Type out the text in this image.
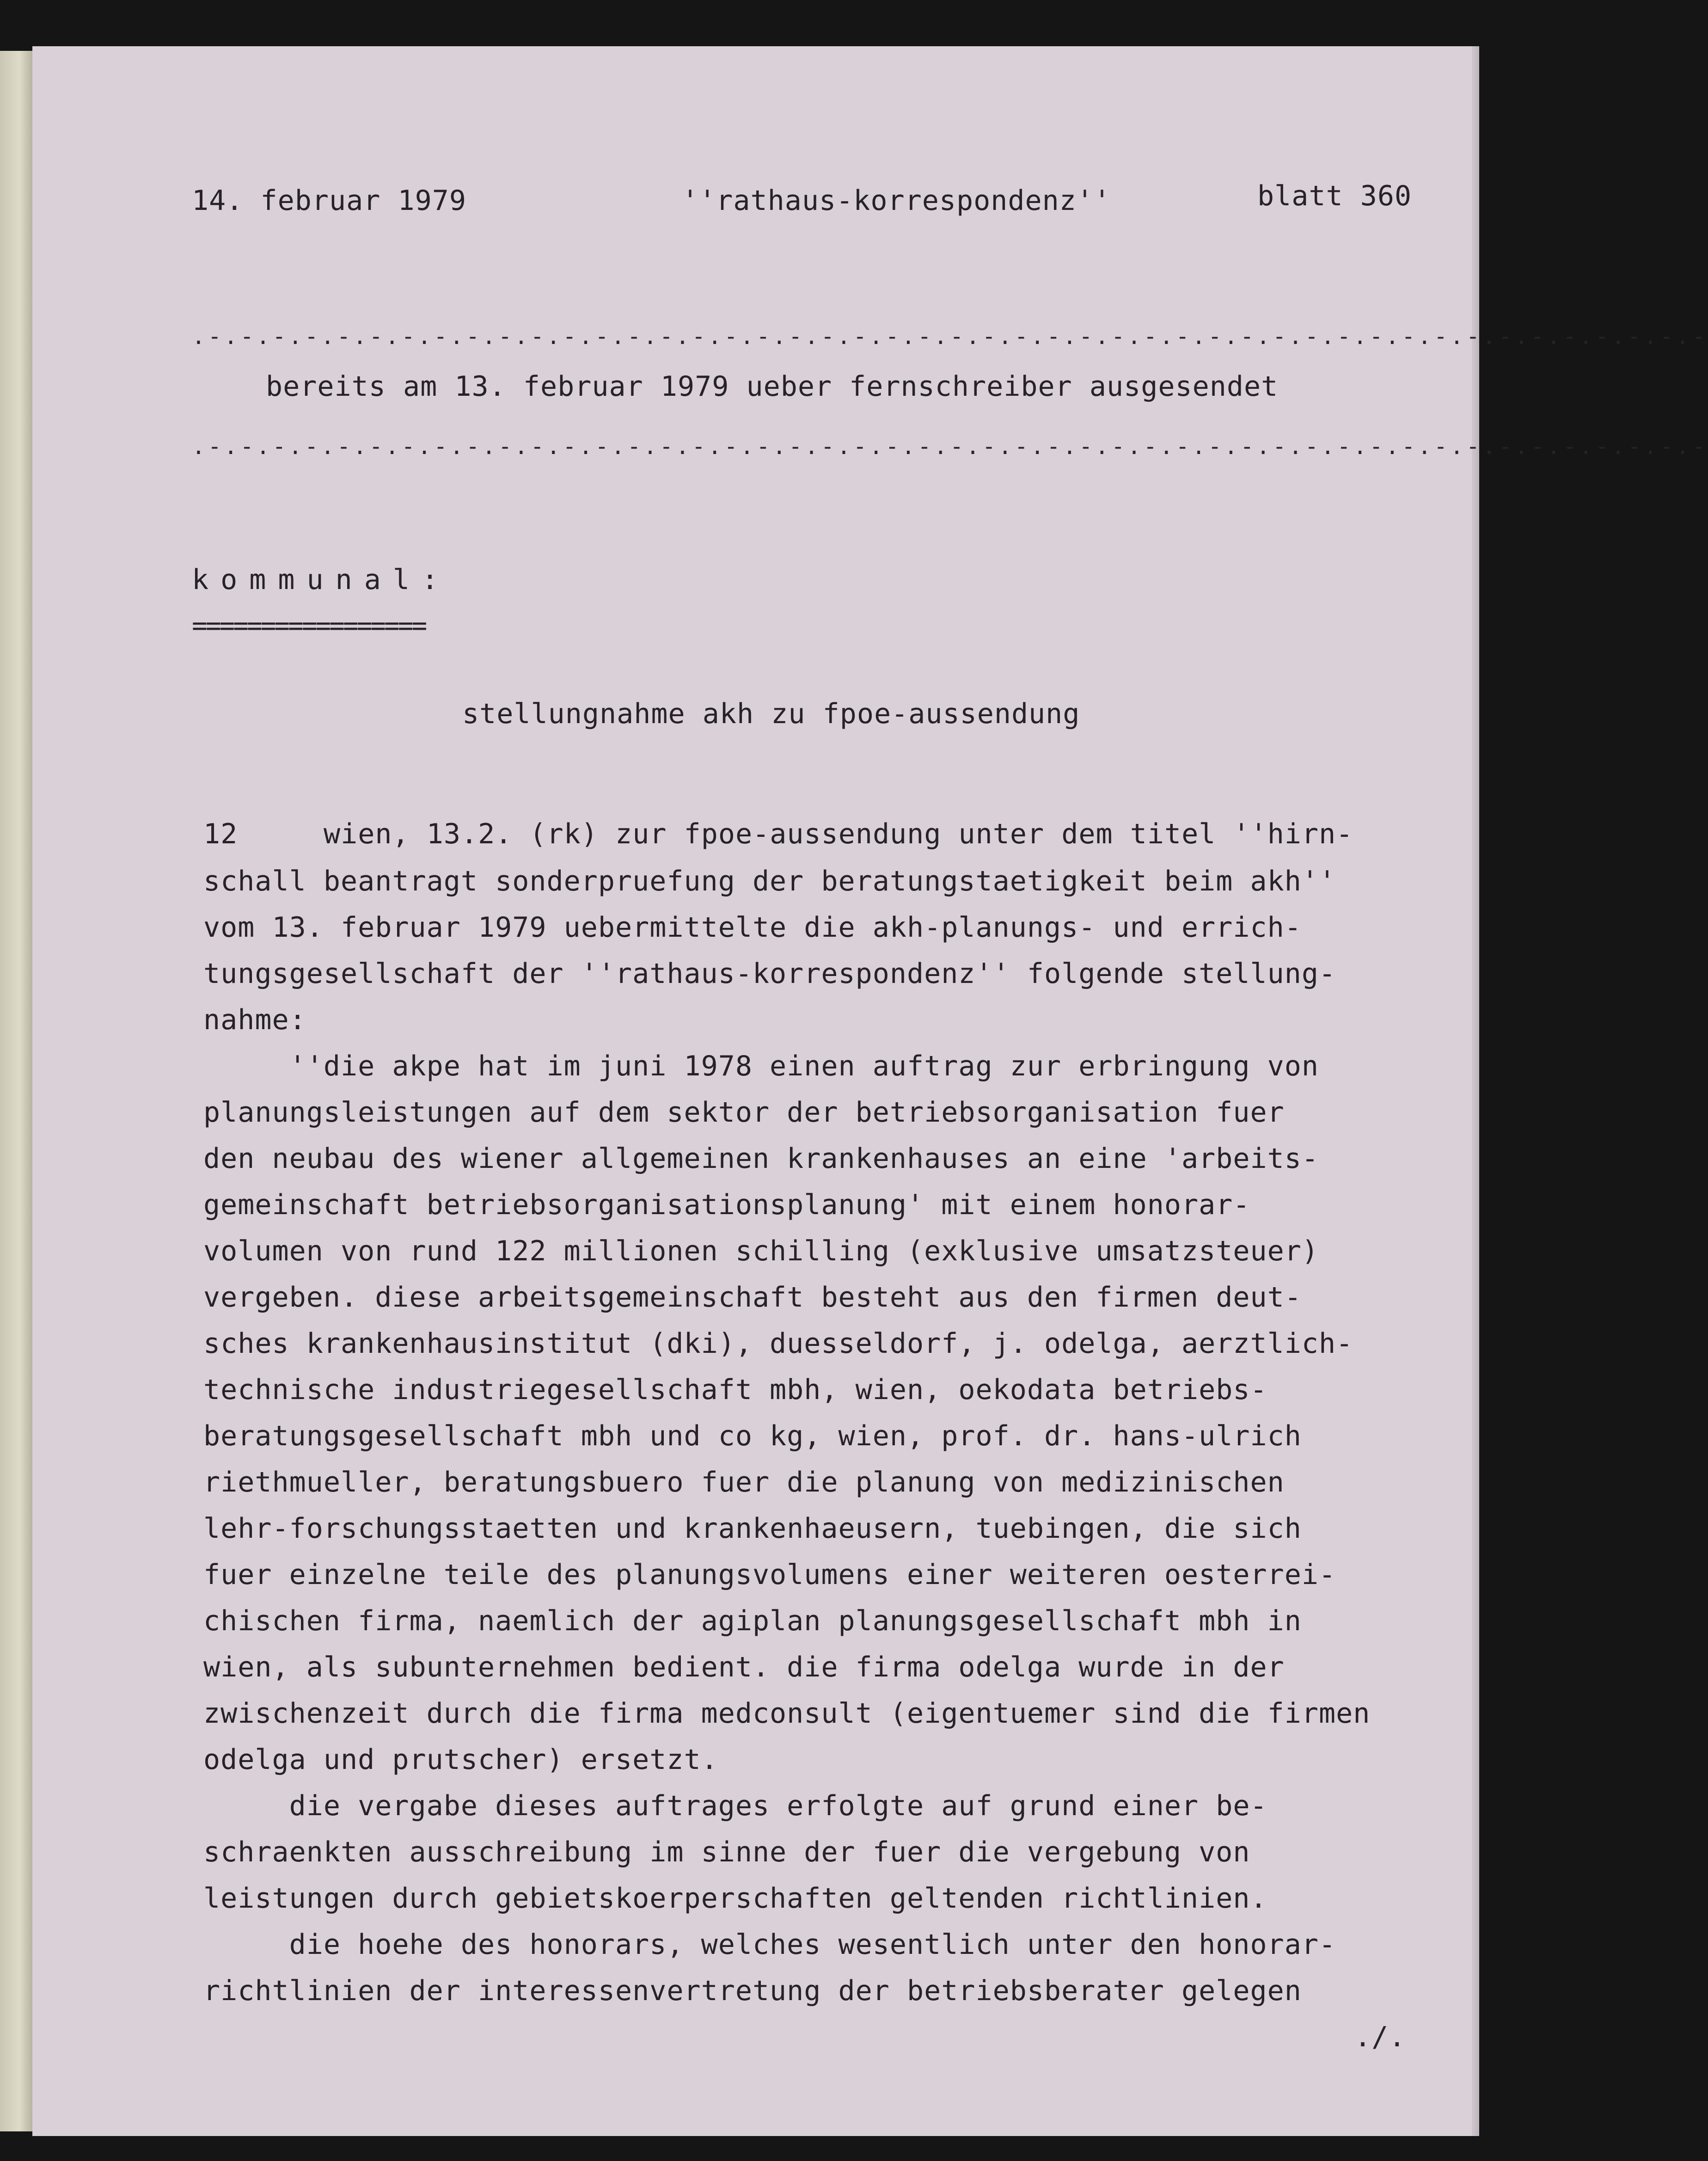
14. februar 1979	''rathaus-korrespondenz''	blatt 360
.-.-.-.-.-.-.-.-.-.-.-.-.-.-.-.-.-.-.-.-.-.-.-.-.-.-.-.-.-.-.-.-.-.-.-.-.-.-.-.-.-.-.-.-.-.-.-
bereits am 13. februar 1979 ueber fernschreiber ausgesendet
.-.-.-.-.-.-.-.-.-.-.-.-.-.-.-.-.-.-.-.-.-.-.-.-.-.-.-.-.-.-.-.-.-.-.-.-.-.-.-.-.-.-.-.-.-.-.-
kommunal:
=================
stellungnahme akh zu fpoe-aussendung
12	wien, 13.2. (rk) zur fpoe-aussendung unter dem titel ''hirn-
schall beantragt sonderpruefung der beratungstaetigkeit beim akh''
vom 13. februar 1979 uebermittelte die akh-planungs- und errich-
tungsgesellschaft der ''rathaus-korrespondenz'' folgende stellung-
nahme:
''die akpe hat im juni 1978 einen auftrag zur erbringung von
planungsleistungen auf dem sektor der betriebsorganisation fuer
den neubau des wiener allgemeinen krankenhauses an eine 'arbeits-
gemeinschaft betriebsorganisationsplanung' mit einem honorar-
volumen von rund 122 millionen schilling (exklusive umsatzsteuer)
vergeben. diese arbeitsgemeinschaft besteht aus den firmen deut-
sches krankenhausinstitut (dki), duesseldorf, j. odelga, aerztlich-
technische industriegesellschaft mbh, wien, oekodata betriebs-
beratungsgesellschaft mbh und co kg, wien, prof. dr. hans-ulrich
riethmueller, beratungsbuero fuer die planung von medizinischen
lehr-forschungsstaetten und krankenhaeusern, tuebingen, die sich
fuer einzelne teile des planungsvolumens einer weiteren oesterrei-
chischen firma, naemlich der agiplan planungsgesellschaft mbh in
wien, als subunternehmen bedient. die firma odelga wurde in der
zwischenzeit durch die firma medconsult (eigentuemer sind die firmen
odelga und prutscher) ersetzt.
die vergabe dieses auftrages erfolgte auf grund einer be-
schraenkten ausschreibung im sinne der fuer die vergebung von
leistungen durch gebietskoerperschaften geltenden richtlinien.
die hoehe des honorars, welches wesentlich unter den honorar-
richtlinien der interessenvertretung der betriebsberater gelegen
./.
